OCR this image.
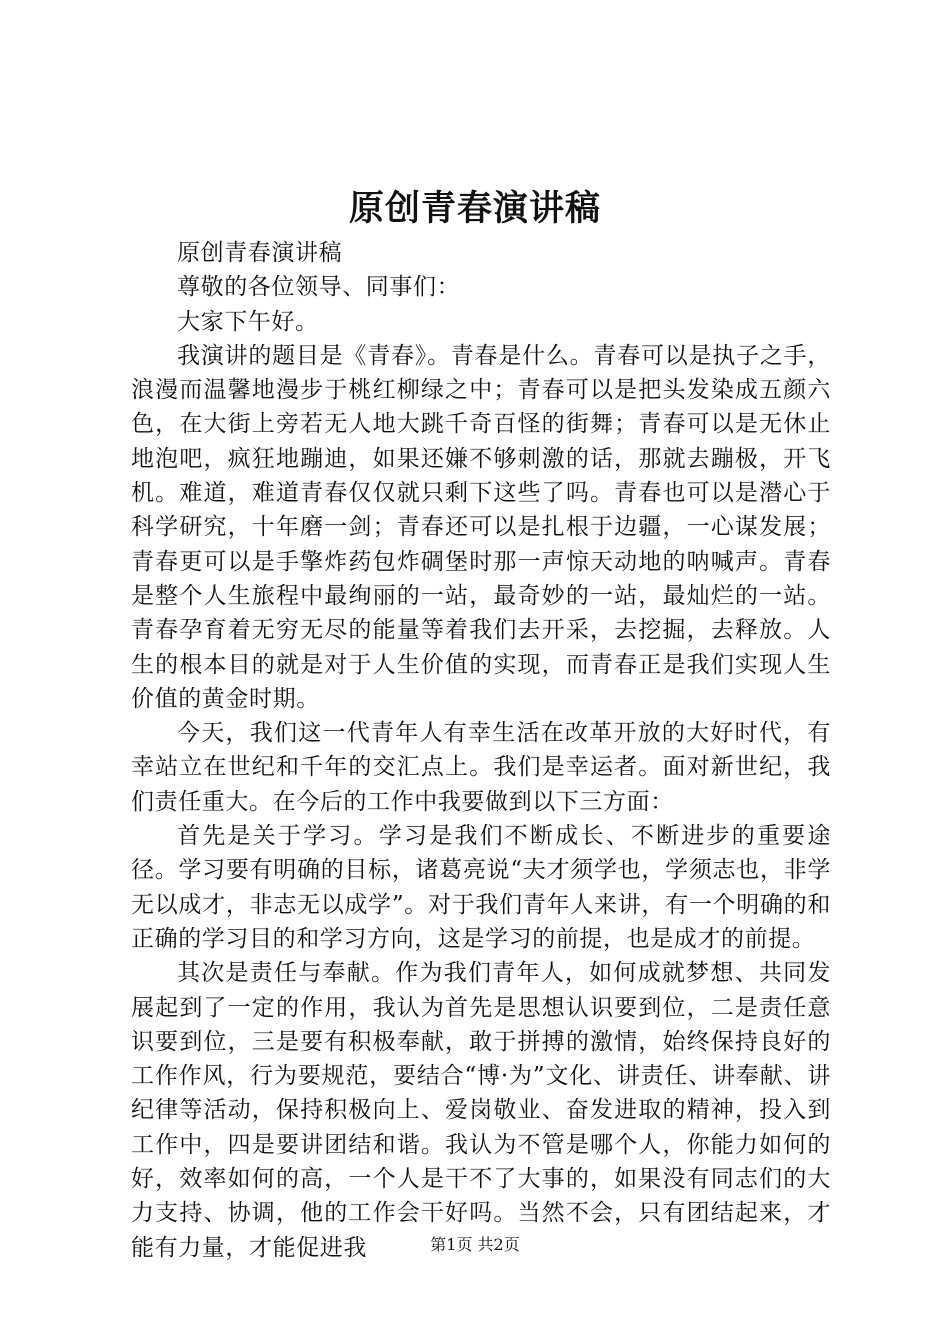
原创青春演讲稿

原创青春演讲稿

尊敬的各位领导、同事们：

大家下午好。

我演讲的题目是《青春》。青春是什么。青春可以是执子之手，浪漫而温馨地漫步于桃红柳绿之中；青春可以是把头发染成五颜六色，在大街上旁若无人地大跳千奇百怪的街舞；青春可以是无休止地泡吧，疯狂地蹦迪，如果还嫌不够刺激的话，那就去蹦极，开飞机。难道，难道青春仅仅就只剩下这些了吗。青春也可以是潜心于科学研究，十年磨一剑；青春还可以是扎根于边疆，一心谋发展；青春更可以是手擎炸药包炸碉堡时那一声惊天动地的呐喊声。青春是整个人生旅程中最绚丽的一站，最奇妙的一站，最灿烂的一站。青春孕育着无穷无尽的能量等着我们去开采，去挖掘，去释放。人生的根本目的就是对于人生价值的实现，而青春正是我们实现人生价值的黄金时期。

今天，我们这一代青年人有幸生活在改革开放的大好时代，有幸站立在世纪和千年的交汇点上。我们是幸运者。面对新世纪，我们责任重大。在今后的工作中我要做到以下三方面：

首先是关于学习。学习是我们不断成长、不断进步的重要途径。学习要有明确的目标，诸葛亮说“夫才须学也，学须志也，非学无以成才，非志无以成学”。对于我们青年人来讲，有一个明确的和正确的学习目的和学习方向，这是学习的前提，也是成才的前提。

其次是责任与奉献。作为我们青年人，如何成就梦想、共同发展起到了一定的作用，我认为首先是思想认识要到位，二是责任意识要到位，三是要有积极奉献，敢于拼搏的激情，始终保持良好的工作作风，行为要规范，要结合“博·为”文化、讲责任、讲奉献、讲纪律等活动，保持积极向上、爱岗敬业、奋发进取的精神，投入到工作中，四是要讲团结和谐。我认为不管是哪个人，你能力如何的好，效率如何的高，一个人是干不了大事的，如果没有同志们的大力支持、协调，他的工作会干好吗。当然不会，只有团结起来，才能有力量，才能促进我	第1页 共2页
